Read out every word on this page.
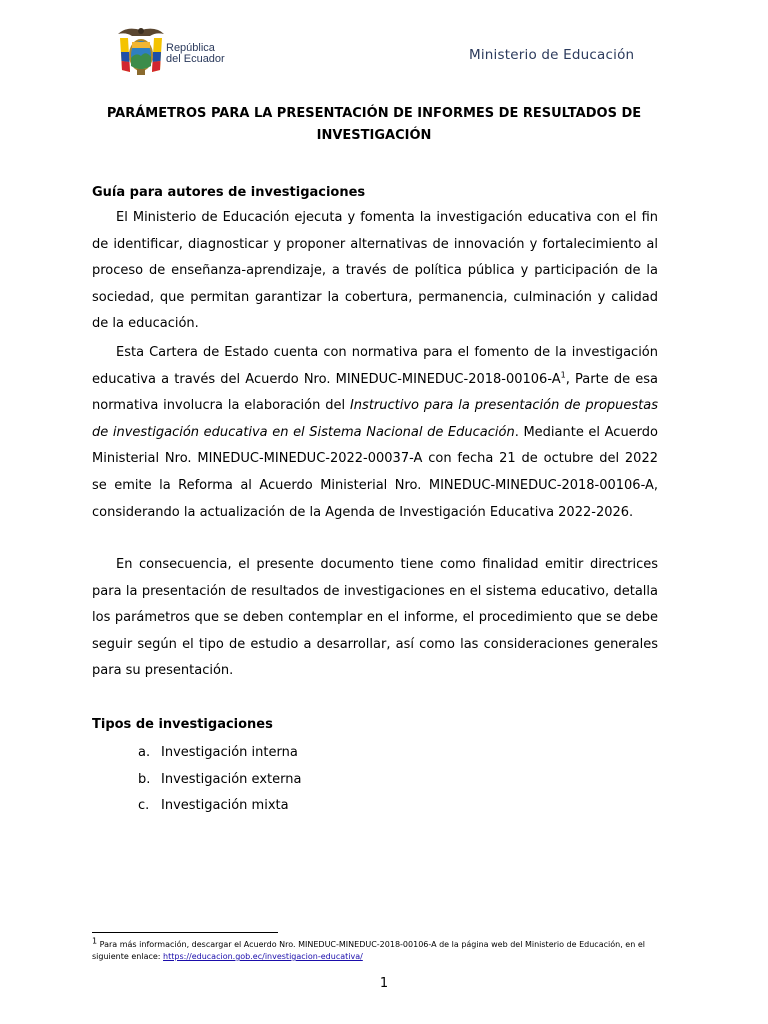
República
del Ecuador	Ministerio de Educación
PARÁMETROS PARA LA PRESENTACIÓN DE INFORMES DE RESULTADOS DE
INVESTIGACIÓN
Guía para autores de investigaciones
El Ministerio de Educación ejecuta y fomenta la investigación educativa con el fin de identificar, diagnosticar y proponer alternativas de innovación y fortalecimiento al proceso de enseñanza-aprendizaje, a través de política pública y participación de la sociedad, que permitan garantizar la cobertura, permanencia, culminación y calidad de la educación.
Esta Cartera de Estado cuenta con normativa para el fomento de la investigación educativa a través del Acuerdo Nro. MINEDUC-$MINEDUC-2018-00106-A^1$, Parte de esa normativa involucra la elaboración del Instructivo para la presentación de propuestas de investigación educativa en el Sistema Nacional de Educación. Mediante el Acuerdo Ministerial Nro. MINEDUC-MINEDUC-2022-00037-A con fecha 21 de octubre del 2022 se emite la Reforma al Acuerdo Ministerial Nro. MINEDUC-MINEDUC-2018-00106-A, considerando la actualización de la Agenda de Investigación Educativa 2022-2026.
En consecuencia, el presente documento tiene como finalidad emitir directrices para la presentación de resultados de investigaciones en el sistema educativo, detalla los parámetros que se deben contemplar en el informe, el procedimiento que se debe seguir según el tipo de estudio a desarrollar, así como las consideraciones generales para su presentación.
Tipos de investigaciones
a. Investigación interna
b. Investigación externa
c. Investigación mixta
$^1$ Para más información, descargar el Acuerdo Nro. MINEDUC-MINEDUC-2018-00106-A de la página web del Ministerio de Educación, en el siguiente enlace: https://educacion.gob.ec/investigacion-educativa/
1
